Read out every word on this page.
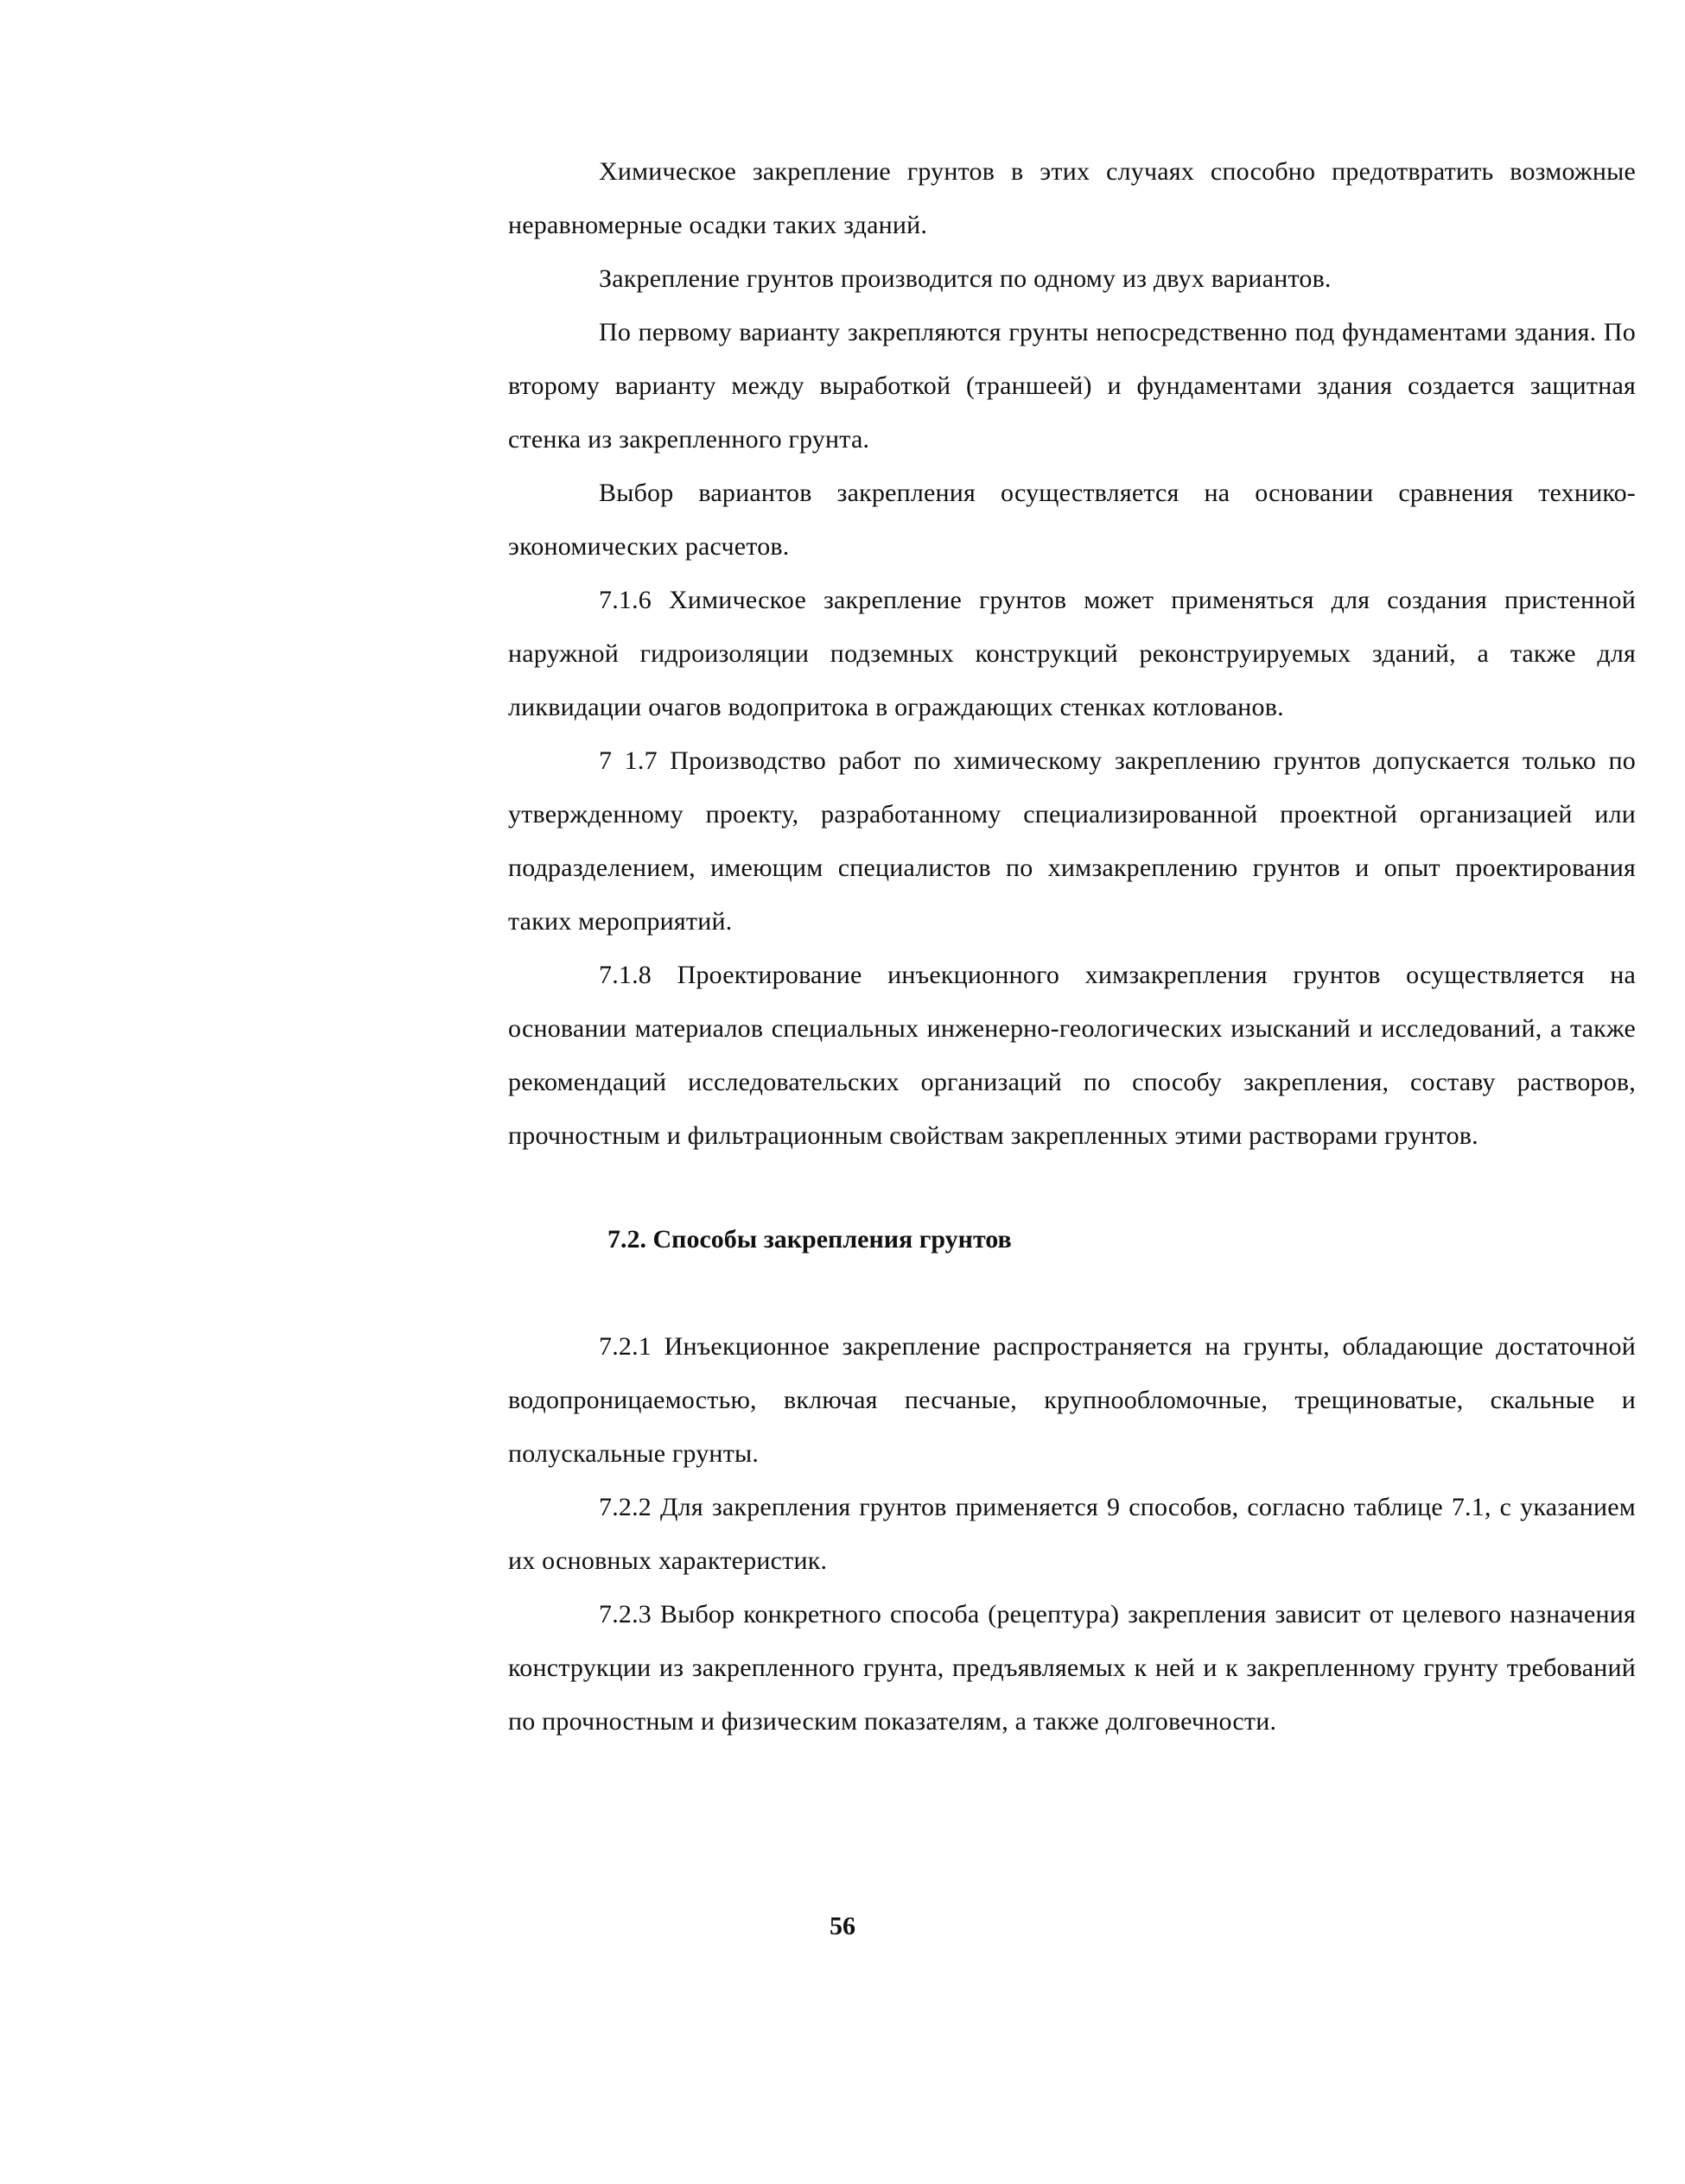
Химическое закрепление грунтов в этих случаях способно предотвратить возможные неравномерные осадки таких зданий.

Закрепление грунтов производится по одному из двух вариантов.

По первому варианту закрепляются грунты непосредственно под фундаментами здания. По второму варианту между выработкой (траншеей) и фундаментами здания создается защитная стенка из закрепленного грунта.

Выбор вариантов закрепления осуществляется на основании сравнения технико-экономических расчетов.

7.1.6 Химическое закрепление грунтов может применяться для создания пристенной наружной гидроизоляции подземных конструкций реконструируемых зданий, а также для ликвидации очагов водопритока в ограждающих стенках котлованов.

7 1.7 Производство работ по химическому закреплению грунтов допускается только по утвержденному проекту, разработанному специализированной проектной организацией или подразделением, имеющим специалистов по химзакреплению грунтов и опыт проектирования таких мероприятий.

7.1.8 Проектирование инъекционного химзакрепления грунтов осуществляется на основании материалов специальных инженерно-геологических изысканий и исследований, а также рекомендаций исследовательских организаций по способу закрепления, составу растворов, прочностным и фильтрационным свойствам закрепленных этими растворами грунтов.

7.2. Способы закрепления грунтов

7.2.1 Инъекционное закрепление распространяется на грунты, обладающие достаточной водопроницаемостью, включая песчаные, крупнообломочные, трещиноватые, скальные и полускальные грунты.

7.2.2 Для закрепления грунтов применяется 9 способов, согласно таблице 7.1, с указанием их основных характеристик.

7.2.3 Выбор конкретного способа (рецептура) закрепления зависит от целевого назначения конструкции из закрепленного грунта, предъявляемых к ней и к закрепленному грунту требований по прочностным и физическим показателям, а также долговечности.

56
